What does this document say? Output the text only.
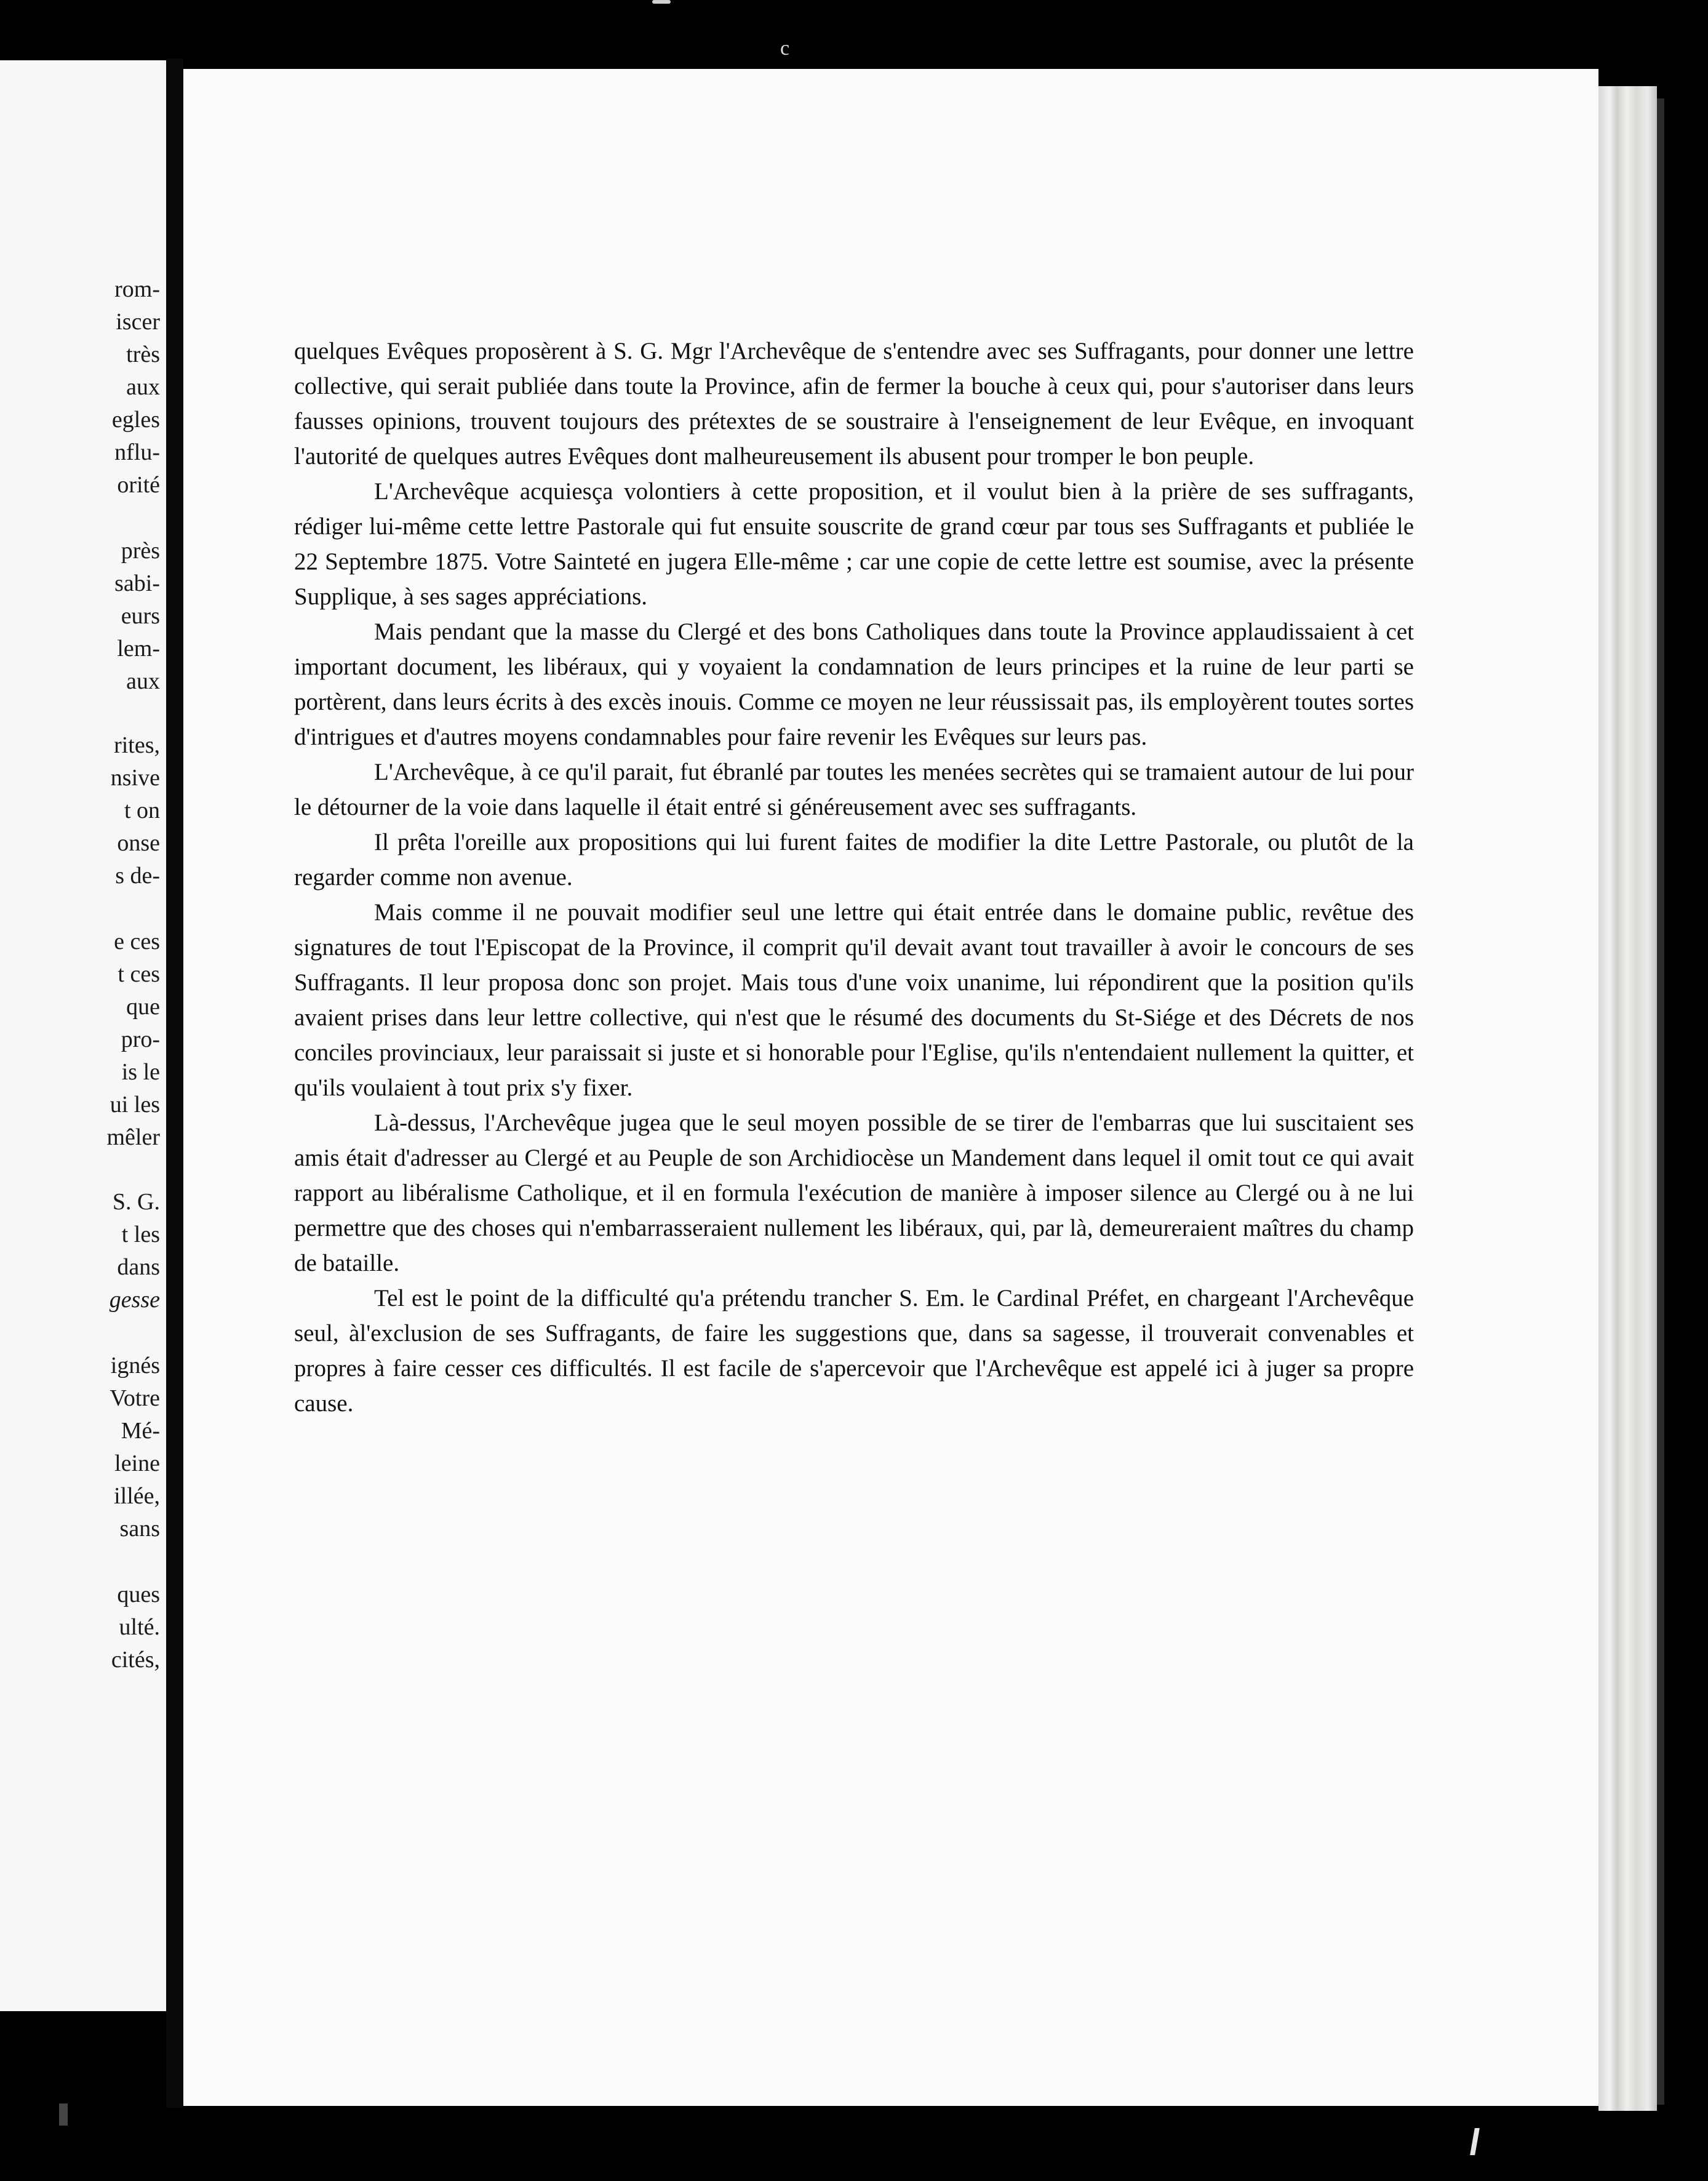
c
rom-
iscer
très
aux
egles
nflu-
orité
près
sabi-
eurs
lem-
aux
rites,
nsive
t on
onse
s de-
e ces
t ces
que
pro-
is le
ui les
mêler
S. G.
t les
dans
gesse
ignés
Votre
Mé-
leine
illée,
sans
ques
ulté.
cités,

quelques Evêques proposèrent à S. G. Mgr l'Archevêque de s'entendre avec ses Suffragants, pour donner une lettre collective, qui serait publiée dans toute la Province, afin de fermer la bouche à ceux qui, pour s'autoriser dans leurs fausses opinions, trouvent toujours des prétextes de se soustraire à l'enseignement de leur Evêque, en invoquant l'autorité de quelques autres Evêques dont malheureusement ils abusent pour tromper le bon peuple.

L'Archevêque acquiesça volontiers à cette proposition, et il voulut bien à la prière de ses suffragants, rédiger lui-même cette lettre Pastorale qui fut ensuite souscrite de grand cœur par tous ses Suffragants et publiée le 22 Septembre 1875. Votre Sainteté en jugera Elle-même ; car une copie de cette lettre est soumise, avec la présente Supplique, à ses sages appréciations.

Mais pendant que la masse du Clergé et des bons Catholiques dans toute la Province applaudissaient à cet important document, les libéraux, qui y voyaient la condamnation de leurs principes et la ruine de leur parti se portèrent, dans leurs écrits à des excès inouis. Comme ce moyen ne leur réussissait pas, ils employèrent toutes sortes d'intrigues et d'autres moyens condamnables pour faire revenir les Evêques sur leurs pas.

L'Archevêque, à ce qu'il parait, fut ébranlé par toutes les menées secrètes qui se tramaient autour de lui pour le détourner de la voie dans laquelle il était entré si généreusement avec ses suffragants.

Il prêta l'oreille aux propositions qui lui furent faites de modifier la dite Lettre Pastorale, ou plutôt de la regarder comme non avenue.

Mais comme il ne pouvait modifier seul une lettre qui était entrée dans le domaine public, revêtue des signatures de tout l'Episcopat de la Province, il comprit qu'il devait avant tout travailler à avoir le concours de ses Suffragants. Il leur proposa donc son projet. Mais tous d'une voix unanime, lui répondirent que la position qu'ils avaient prises dans leur lettre collective, qui n'est que le résumé des documents du St-Siége et des Décrets de nos conciles provinciaux, leur paraissait si juste et si honorable pour l'Eglise, qu'ils n'entendaient nullement la quitter, et qu'ils voulaient à tout prix s'y fixer.

Là-dessus, l'Archevêque jugea que le seul moyen possible de se tirer de l'embarras que lui suscitaient ses amis était d'adresser au Clergé et au Peuple de son Archidiocèse un Mandement dans lequel il omit tout ce qui avait rapport au libéralisme Catholique, et il en formula l'exécution de manière à imposer silence au Clergé ou à ne lui permettre que des choses qui n'embarrasseraient nullement les libéraux, qui, par là, demeureraient maîtres du champ de bataille.

Tel est le point de la difficulté qu'a prétendu trancher S. Em. le Cardinal Préfet, en chargeant l'Archevêque seul, àl'exclusion de ses Suffragants, de faire les suggestions que, dans sa sagesse, il trouverait convenables et propres à faire cesser ces difficultés. Il est facile de s'apercevoir que l'Archevêque est appelé ici à juger sa propre cause.
